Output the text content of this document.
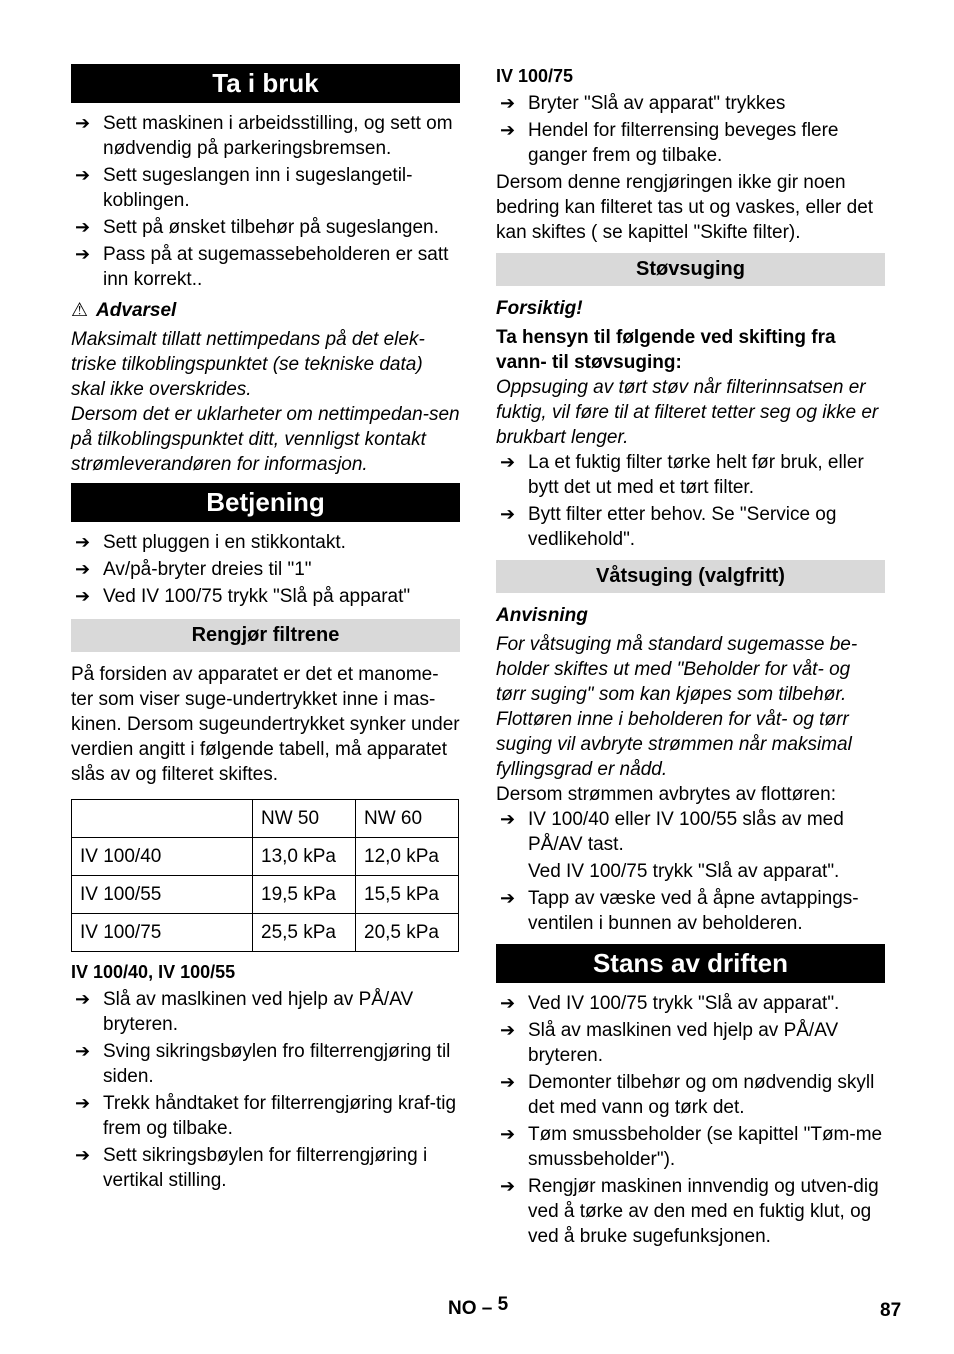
Ta i bruk
➔ Sett maskinen i arbeidsstilling, og sett om nødvendig på parkeringsbremsen.
➔ Sett sugeslangen inn i sugeslangetil-koblingen.
➔ Sett på ønsket tilbehør på sugeslangen.
➔ Pass på at sugemassebeholderen er satt inn korrekt..
⚠ Advarsel

Maksimalt tillatt nettimpedans på det elek-triske tilkoblingspunktet (se tekniske data) skal ikke overskrides.

Dersom det er uklarheter om nettimpedan-sen på tilkoblingspunktet ditt, vennligst kontakt strømleverandøren for informasjon.

Betjening
➔ Sett pluggen i en stikkontakt.
➔ Av/på-bryter dreies til "1"
➔ Ved IV 100/75 trykk "Slå på apparat"
Rengjør filtrene

På forsiden av apparatet er det et manome-ter som viser suge-undertrykket inne i mas-kinen. Dersom sugeundertrykket synker under verdien angitt i følgende tabell, må apparatet slås av og filteret skiftes.

	NW 50	NW 60
IV 100/40	13,0 kPa	12,0 kPa
IV 100/55	19,5 kPa	15,5 kPa
IV 100/75	25,5 kPa	20,5 kPa
IV 100/40, IV 100/55
➔ Slå av maslkinen ved hjelp av PÅ/AV bryteren.
➔ Sving sikringsbøylen fro filterrengjøring til siden.
➔ Trekk håndtaket for filterrengjøring kraf-tig frem og tilbake.
➔ Sett sikringsbøylen for filterrengjøring i vertikal stilling.
IV 100/75
➔ Bryter "Slå av apparat" trykkes
➔ Hendel for filterrensing beveges flere ganger frem og tilbake.

Dersom denne rengjøringen ikke gir noen bedring kan filteret tas ut og vaskes, eller det kan skiftes ( se kapittel "Skifte filter).

Støvsuging

Forsiktig!

Ta hensyn til følgende ved skifting fra vann- til støvsuging:

Oppsuging av tørt støv når filterinnsatsen er fuktig, vil føre til at filteret tetter seg og ikke er brukbart lenger.

➔ La et fuktig filter tørke helt før bruk, eller bytt det ut med et tørt filter.
➔ Bytt filter etter behov. Se "Service og vedlikehold".
Våtsuging (valgfritt)

Anvisning

For våtsuging må standard sugemasse be-holder skiftes ut med "Beholder for våt- og tørr suging" som kan kjøpes som tilbehør.

Flottøren inne i beholderen for våt- og tørr suging vil avbryte strømmen når maksimal fyllingsgrad er nådd.

Dersom strømmen avbrytes av flottøren:

➔ IV 100/40 eller IV 100/55 slås av med PÅ/AV tast.

Ved IV 100/75 trykk "Slå av apparat".

➔ Tapp av væske ved å åpne avtappings-ventilen i bunnen av beholderen.
Stans av driften
➔ Ved IV 100/75 trykk "Slå av apparat".
➔ Slå av maslkinen ved hjelp av PÅ/AV bryteren.
➔ Demonter tilbehør og om nødvendig skyll det med vann og tørk det.
➔ Tøm smussbeholder (se kapittel "Tøm-me smussbeholder").
➔ Rengjør maskinen innvendig og utven-dig ved å tørke av den med en fuktig klut, og ved å bruke sugefunksjonen.
NO – 5	87
